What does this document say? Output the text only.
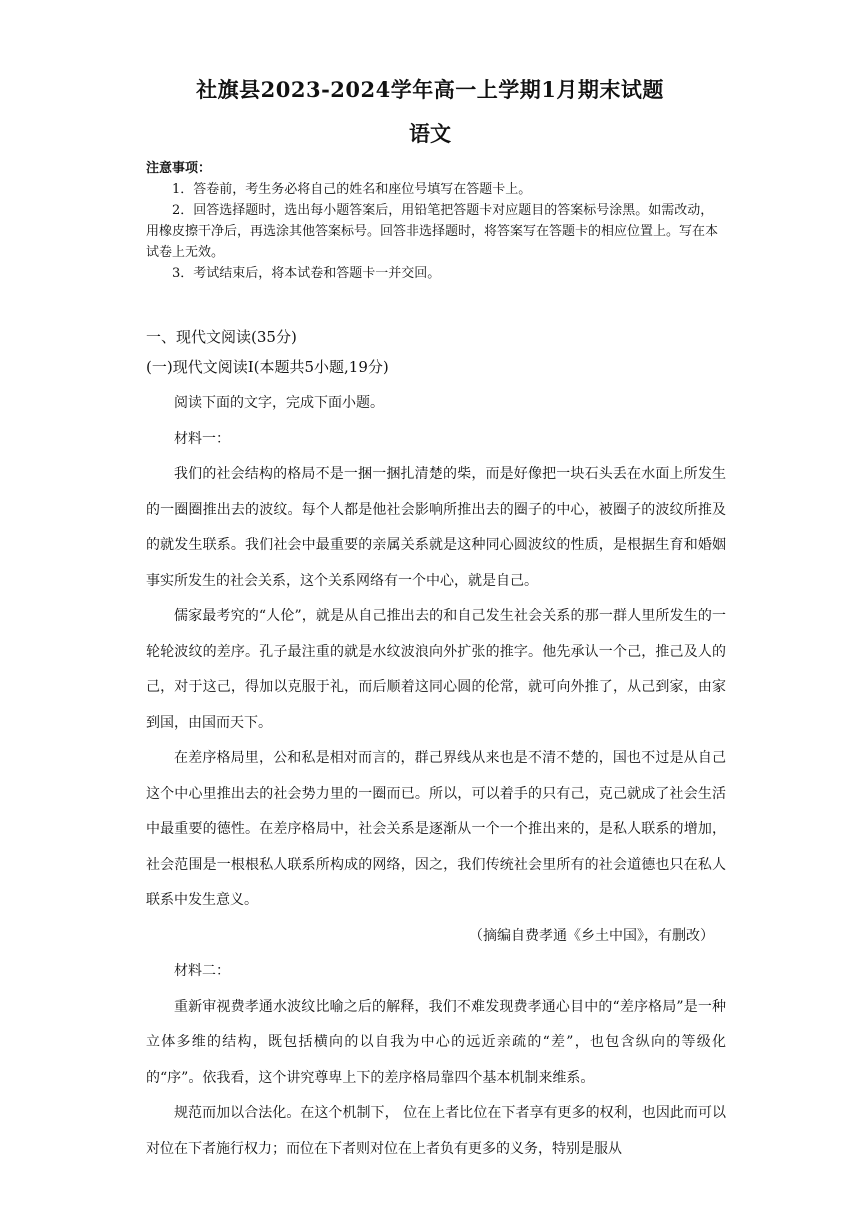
社旗县2023-2024学年高一上学期1月期末试题
语文
注意事项：

1．答卷前，考生务必将自己的姓名和座位号填写在答题卡上。

2．回答选择题时，选出每小题答案后，用铅笔把答题卡对应题目的答案标号涂黑。如需改动，用橡皮擦干净后，再选涂其他答案标号。回答非选择题时，将答案写在答题卡的相应位置上。写在本试卷上无效。

3．考试结束后，将本试卷和答题卡一并交回。

一、现代文阅读(35分)
(一)现代文阅读Ⅰ(本题共5小题,19分)

阅读下面的文字，完成下面小题。

材料一：

我们的社会结构的格局不是一捆一捆扎清楚的柴，而是好像把一块石头丢在水面上所发生的一圈圈推出去的波纹。每个人都是他社会影响所推出去的圈子的中心，被圈子的波纹所推及的就发生联系。我们社会中最重要的亲属关系就是这种同心圆波纹的性质，是根据生育和婚姻事实所发生的社会关系，这个关系网络有一个中心，就是自己。

儒家最考究的“人伦”，就是从自己推出去的和自己发生社会关系的那一群人里所发生的一轮轮波纹的差序。孔子最注重的就是水纹波浪向外扩张的推字。他先承认一个己，推己及人的己，对于这己，得加以克服于礼，而后顺着这同心圆的伦常，就可向外推了，从己到家，由家到国，由国而天下。

在差序格局里，公和私是相对而言的，群己界线从来也是不清不楚的，国也不过是从自己这个中心里推出去的社会势力里的一圈而已。所以，可以着手的只有己，克己就成了社会生活中最重要的德性。在差序格局中，社会关系是逐渐从一个一个推出来的，是私人联系的增加，社会范围是一根根私人联系所构成的网络，因之，我们传统社会里所有的社会道德也只在私人联系中发生意义。

（摘编自费孝通《乡土中国》，有删改）

材料二：

重新审视费孝通水波纹比喻之后的解释，我们不难发现费孝通心目中的“差序格局”是一种立体多维的结构，既包括横向的以自我为中心的远近亲疏的“差”，也包含纵向的等级化的“序”。依我看，这个讲究尊卑上下的差序格局靠四个基本机制来维系。

规范而加以合法化。在这个机制下， 位在上者比位在下者享有更多的权利，也因此而可以对位在下者施行权力；而位在下者则对位在上者负有更多的义务，特别是服从
